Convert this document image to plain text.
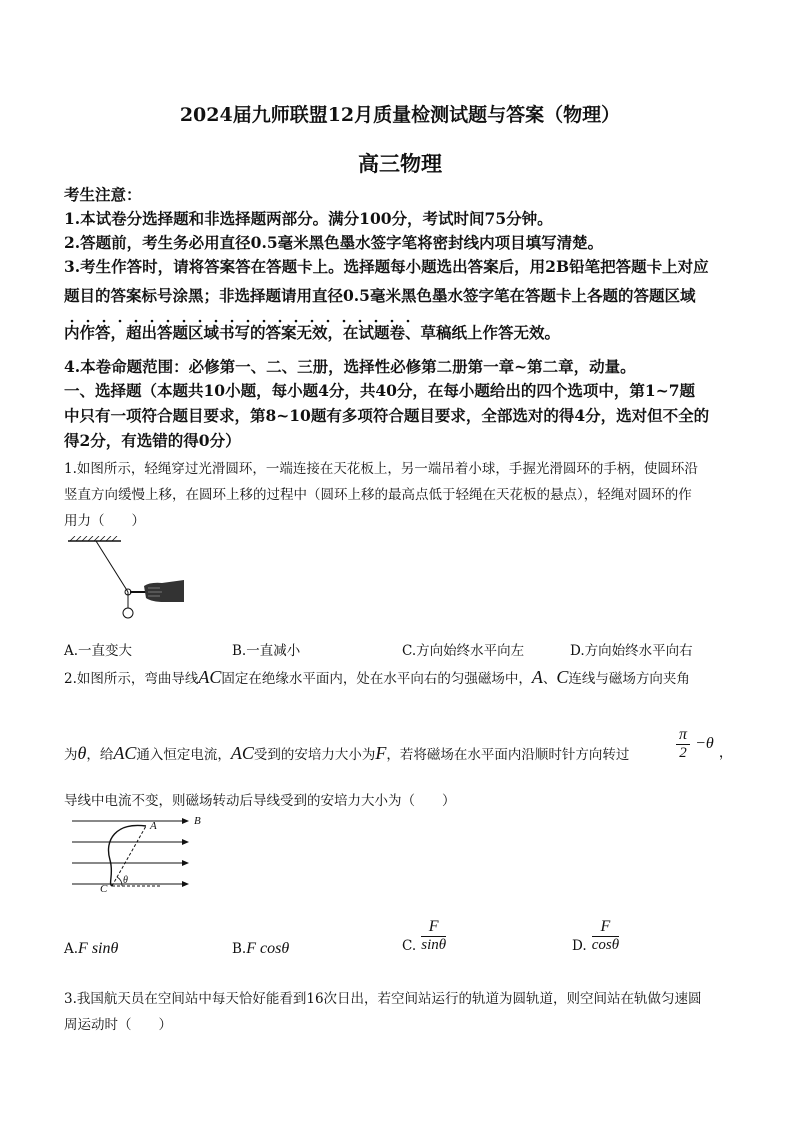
2024届九师联盟12月质量检测试题与答案（物理）
高三物理
考生注意：
1.本试卷分选择题和非选择题两部分。满分100分，考试时间75分钟。
2.答题前，考生务必用直径0.5毫米黑色墨水签字笔将密封线内项目填写清楚。
3.考生作答时，请将答案答在答题卡上。选择题每小题选出答案后，用2B铅笔把答题卡上对应
题目的答案标号涂黑；非选择题请用直径0.5毫米黑色墨水签字笔在答题卡上各题的答题区域
内作答，超出答题区域书写的答案无效，在试题卷、草稿纸上作答无效。
4.本卷命题范围：必修第一、二、三册，选择性必修第二册第一章~第二章，动量。
一、选择题（本题共10小题，每小题4分，共40分，在每小题给出的四个选项中，第1~7题
中只有一项符合题目要求，第8~10题有多项符合题目要求，全部选对的得4分，选对但不全的
得2分，有选错的得0分）
1.如图所示，轻绳穿过光滑圆环，一端连接在天花板上，另一端吊着小球，手握光滑圆环的手柄，使圆环沿
竖直方向缓慢上移，在圆环上移的过程中（圆环上移的最高点低于轻绳在天花板的悬点），轻绳对圆环的作
用力（　　）
A.一直变大	B.一直减小	C.方向始终水平向左	D.方向始终水平向右
2.如图所示，弯曲导线AC固定在绝缘水平面内，处在水平向右的匀强磁场中，A、C连线与磁场方向夹角
为θ，给AC通入恒定电流，AC受到的安培力大小为F，若将磁场在水平面内沿顺时针方向转过	$\frac{\pi}{2} -\theta$ ，
导线中电流不变，则磁场转动后导线受到的安培力大小为（　　）
A	B
C
θ
A.F sinθ	B.F cosθ	C. $\frac{F}{\sin\theta}$	D. $\frac{F}{\cos\theta}$
3.我国航天员在空间站中每天恰好能看到16次日出，若空间站运行的轨道为圆轨道，则空间站在轨做匀速圆
周运动时（　　）
